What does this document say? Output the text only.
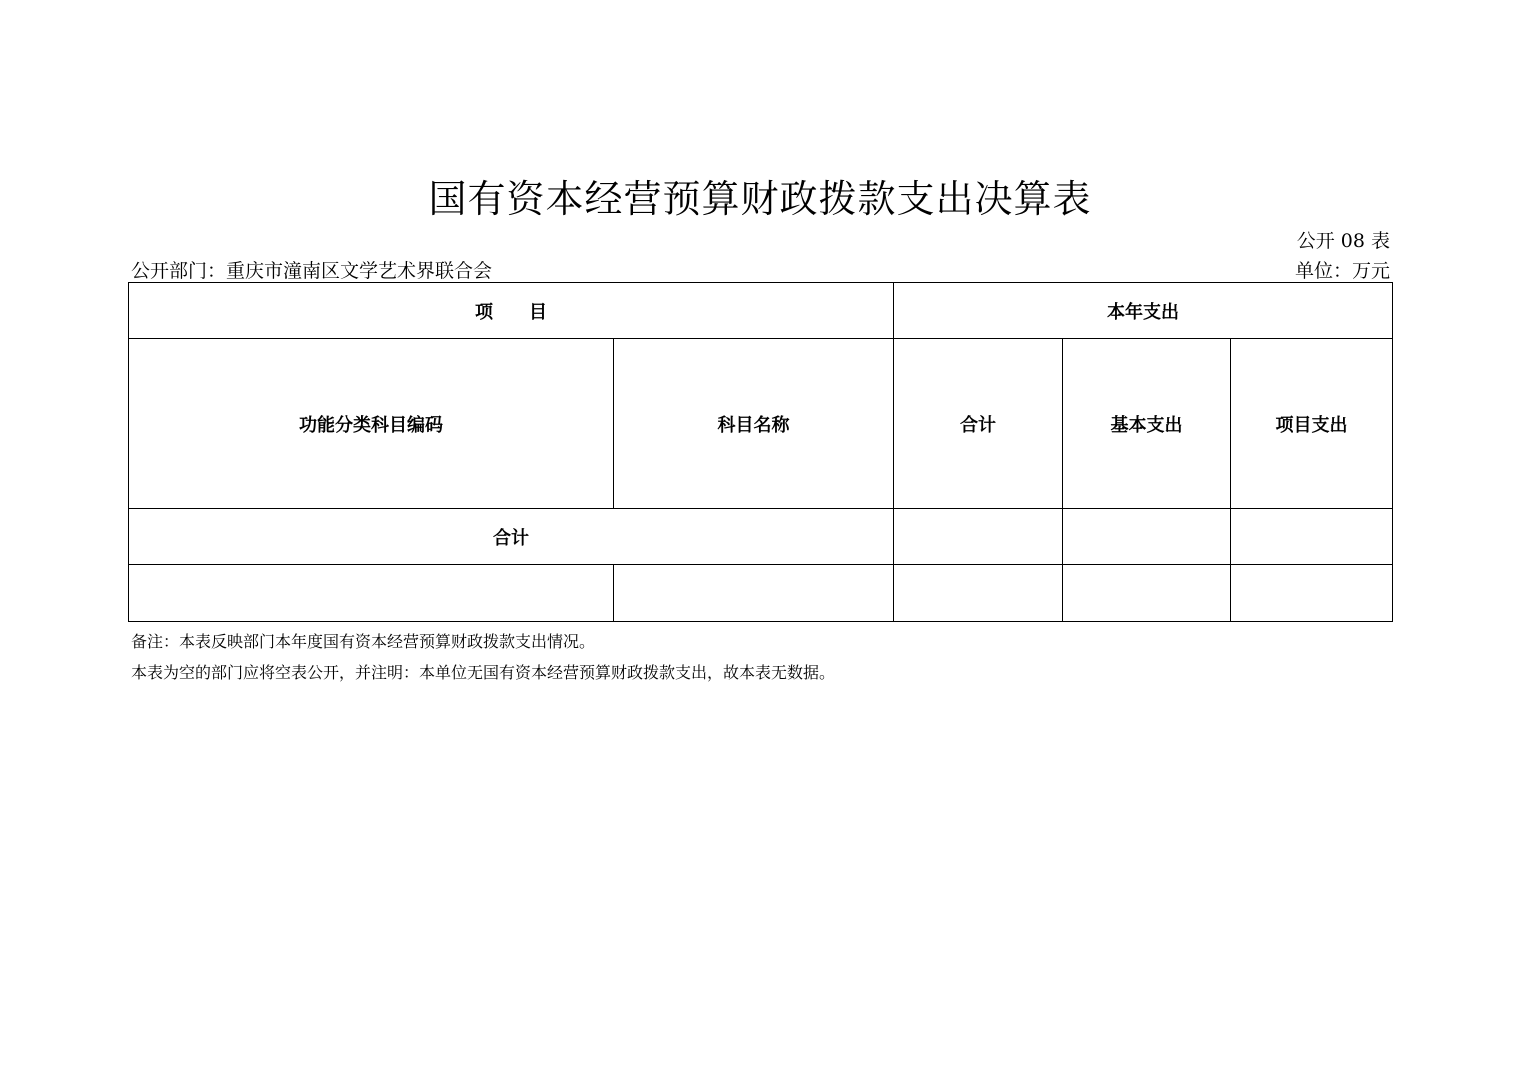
国有资本经营预算财政拨款支出决算表
公开 08 表
公开部门：重庆市潼南区文学艺术界联合会	单位：万元
项　　目		本年支出		
功能分类科目编码	科目名称	合计	基本支出	项目支出
合计				

备注：本表反映部门本年度国有资本经营预算财政拨款支出情况。
本表为空的部门应将空表公开，并注明：本单位无国有资本经营预算财政拨款支出，故本表无数据。
